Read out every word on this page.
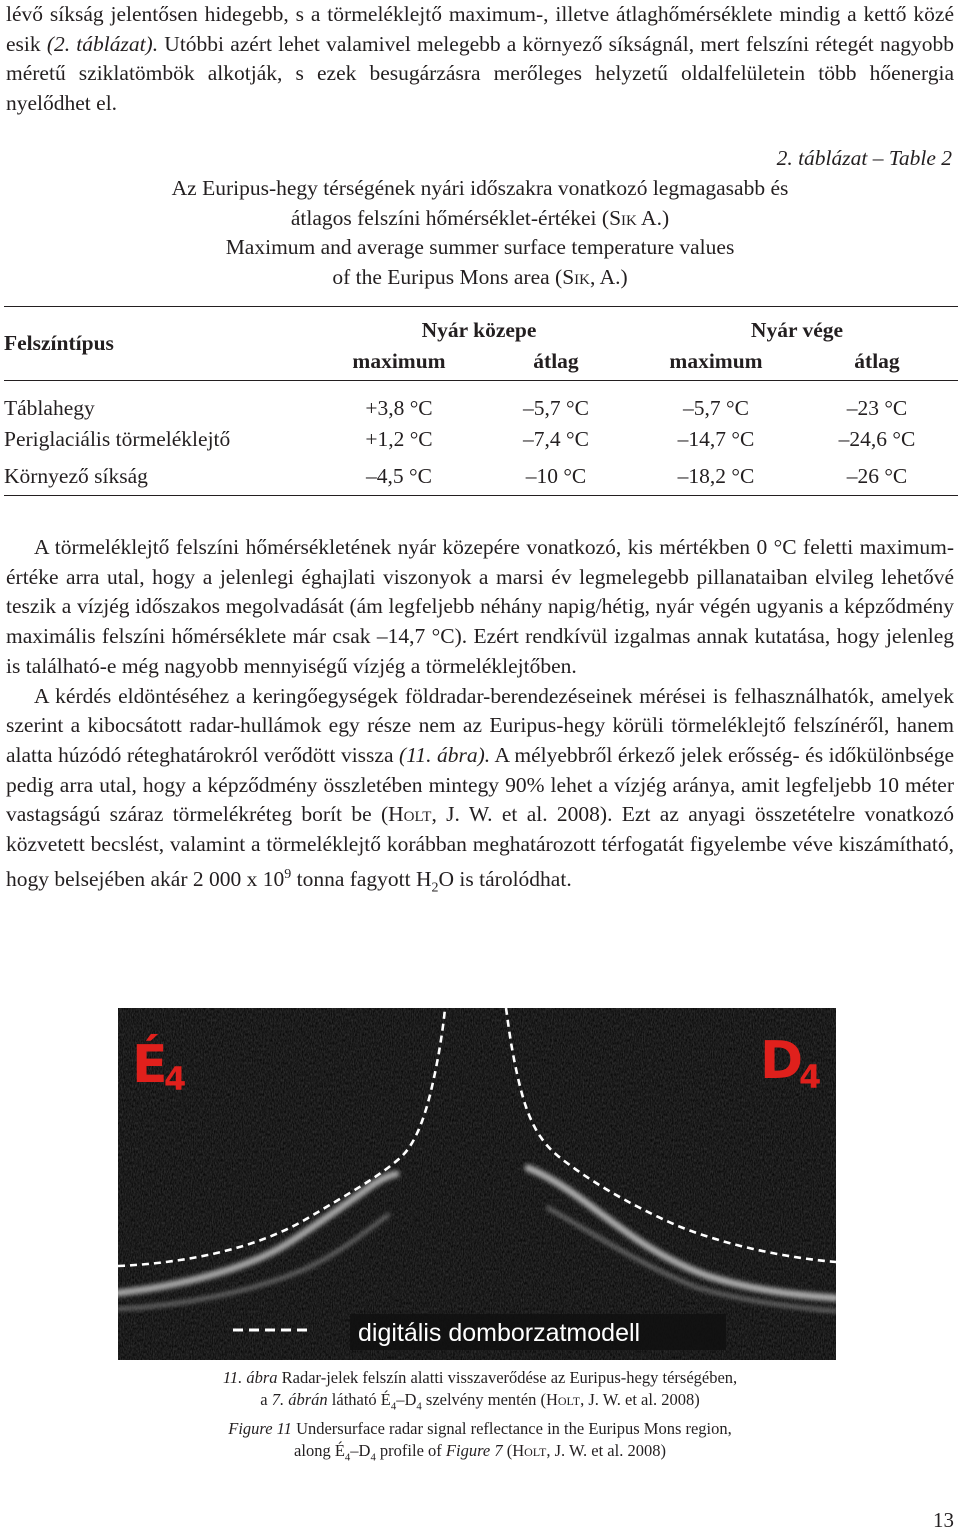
lévő síkság jelentősen hidegebb, s a törmeléklejtő maximum-, illetve átlaghőmérséklete mindig a kettő közé esik (2. táblázat). Utóbbi azért lehet valamivel melegebb a környező síkságnál, mert felszíni rétegét nagyobb méretű sziklatömbök alkotják, s ezek besugárzásra merőleges helyzetű oldalfelületein több hőenergia nyelődhet el.

2. táblázat – Table 2
Az Euripus-hegy térségének nyári időszakra vonatkozó legmagasabb és
átlagos felszíni hőmérséklet-értékei (Sik A.)
Maximum and average summer surface temperature values
of the Euripus Mons area (Sik, A.)
Felszíntípus	Nyár közepe		Nyár vége	
	maximum	átlag	maximum	átlag
Táblahegy	+3,8 °C	–5,7 °C	–5,7 °C	–23 °C
Periglaciális törmeléklejtő	+1,2 °C	–7,4 °C	–14,7 °C	–24,6 °C
Környező síkság	–4,5 °C	–10 °C	–18,2 °C	–26 °C

A törmeléklejtő felszíni hőmérsékletének nyár közepére vonatkozó, kis mértékben 0 °C feletti maximum-értéke arra utal, hogy a jelenlegi éghajlati viszonyok a marsi év legmelegebb pillanataiban elvileg lehetővé teszik a vízjég időszakos megolvadását (ám legfeljebb néhány napig/hétig, nyár végén ugyanis a képződmény maximális felszíni hőmérséklete már csak –14,7 °C). Ezért rendkívül izgalmas annak kutatása, hogy jelenleg is található-e még nagyobb mennyiségű vízjég a törmeléklejtőben.

A kérdés eldöntéséhez a keringőegységek földradar-berendezéseinek mérései is felhasználhatók, amelyek szerint a kibocsátott radar-hullámok egy része nem az Euripus-hegy körüli törmeléklejtő felszínéről, hanem alatta húzódó réteghatárokról verődött vissza (11. ábra). A mélyebbről érkező jelek erősség- és időkülönbsége pedig arra utal, hogy a képződmény összletében mintegy 90% lehet a vízjég aránya, amit legfeljebb 10 méter vastagságú száraz törmelékréteg borít be (Holt, J. W. et al. 2008). Ezt az anyagi összetételre vonatkozó közvetett becslést, valamint a törmeléklejtő korábban meghatározott térfogatát figyelembe véve kiszámítható, hogy belsejében akár 2 000 x $10^9$ tonna fagyott $H_2O$ is tárolódhat.

É
4	D
4
digitális domborzatmodell
11. ábra Radar-jelek felszín alatti visszaverődése az Euripus-hegy térségében,
a 7. ábrán látható $É_4-D_4$ szelvény mentén (Holt, J. W. et al. 2008)
Figure 11 Undersurface radar signal reflectance in the Euripus Mons region,
along $É_4-D_4$ profile of Figure 7 (Holt, J. W. et al. 2008)
13
